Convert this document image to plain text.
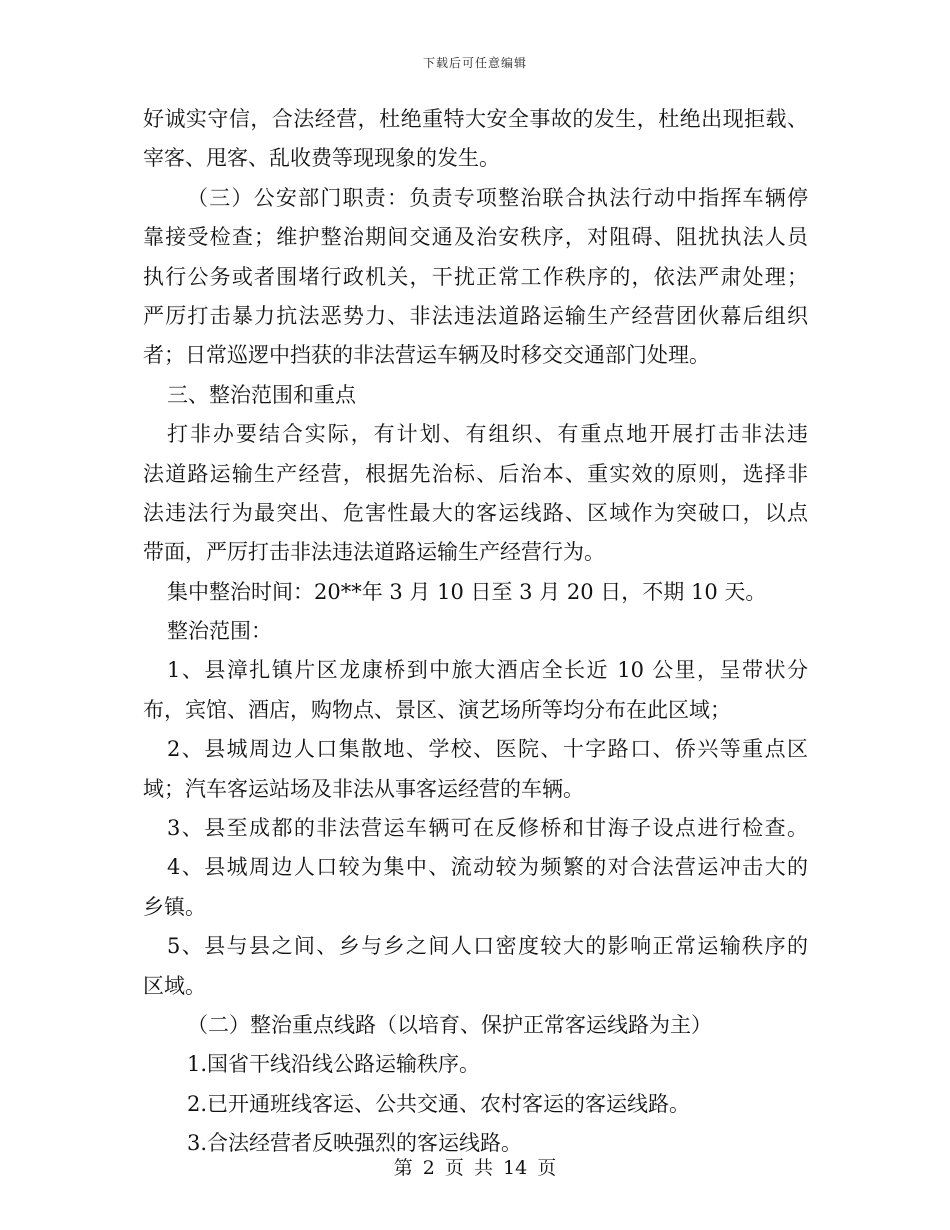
下载后可任意编辑
好诚实守信，合法经营，杜绝重特大安全事故的发生，杜绝出现拒载、
宰客、甩客、乱收费等现现象的发生。
（三）公安部门职责：负责专项整治联合执法行动中指挥车辆停
靠接受检查；维护整治期间交通及治安秩序，对阻碍、阻扰执法人员
执行公务或者围堵行政机关，干扰正常工作秩序的，依法严肃处理；
严厉打击暴力抗法恶势力、非法违法道路运输生产经营团伙幕后组织
者；日常巡逻中挡获的非法营运车辆及时移交交通部门处理。
三、整治范围和重点
打非办要结合实际，有计划、有组织、有重点地开展打击非法违
法道路运输生产经营，根据先治标、后治本、重实效的原则，选择非
法违法行为最突出、危害性最大的客运线路、区域作为突破口，以点
带面，严厉打击非法违法道路运输生产经营行为。
集中整治时间：20**年 3 月 10 日至 3 月 20 日，不期 10 天。
整治范围：
1、县漳扎镇片区龙康桥到中旅大酒店全长近 10 公里，呈带状分
布，宾馆、酒店，购物点、景区、演艺场所等均分布在此区域；
2、县城周边人口集散地、学校、医院、十字路口、侨兴等重点区
域；汽车客运站场及非法从事客运经营的车辆。
3、县至成都的非法营运车辆可在反修桥和甘海子设点进行检查。
4、县城周边人口较为集中、流动较为频繁的对合法营运冲击大的
乡镇。
5、县与县之间、乡与乡之间人口密度较大的影响正常运输秩序的
区域。
（二）整治重点线路（以培育、保护正常客运线路为主）
1.国省干线沿线公路运输秩序。
2.已开通班线客运、公共交通、农村客运的客运线路。
3.合法经营者反映强烈的客运线路。
第 2 页 共 14 页
